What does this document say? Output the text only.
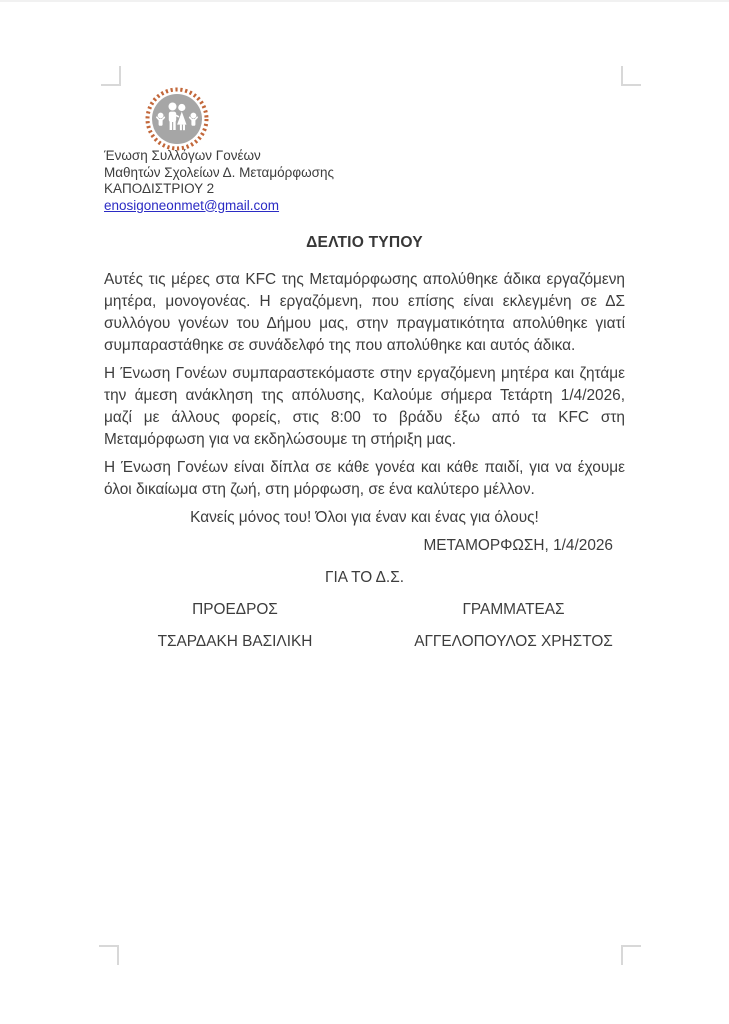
Ένωση Συλλόγων Γονέων
Μαθητών Σχολείων Δ. Μεταμόρφωσης
ΚΑΠΟΔΙΣΤΡΙΟΥ 2
enosigoneonmet@gmail.com
ΔΕΛΤΙΟ ΤΥΠΟΥ

Αυτές τις μέρες στα KFC της Μεταμόρφωσης απολύθηκε άδικα εργαζόμενη μητέρα, μονογονέας. Η εργαζόμενη, που επίσης είναι εκλεγμένη σε ΔΣ συλλόγου γονέων του Δήμου μας, στην πραγματικότητα απολύθηκε γιατί συμπαραστάθηκε σε συνάδελφό της που απολύθηκε και αυτός άδικα.

Η Ένωση Γονέων συμπαραστεκόμαστε στην εργαζόμενη μητέρα και ζητάμε την άμεση ανάκληση της απόλυσης, Καλούμε σήμερα Τετάρτη 1/4/2026, μαζί με άλλους φορείς, στις 8:00 το βράδυ έξω από τα KFC στη Μεταμόρφωση για να εκδηλώσουμε τη στήριξη μας.

Η Ένωση Γονέων είναι δίπλα σε κάθε γονέα και κάθε παιδί, για να έχουμε όλοι δικαίωμα στη ζωή, στη μόρφωση, σε ένα καλύτερο μέλλον.

Κανείς μόνος του! Όλοι για έναν και ένας για όλους!

ΜΕΤΑΜΟΡΦΩΣΗ, 1/4/2026

ΓΙΑ ΤΟ Δ.Σ.

ΠΡΟΕΔΡΟΣ	ΓΡΑΜΜΑΤΕΑΣ
ΤΣΑΡΔΑΚΗ ΒΑΣΙΛΙΚΗ	ΑΓΓΕΛΟΠΟΥΛΟΣ ΧΡΗΣΤΟΣ
